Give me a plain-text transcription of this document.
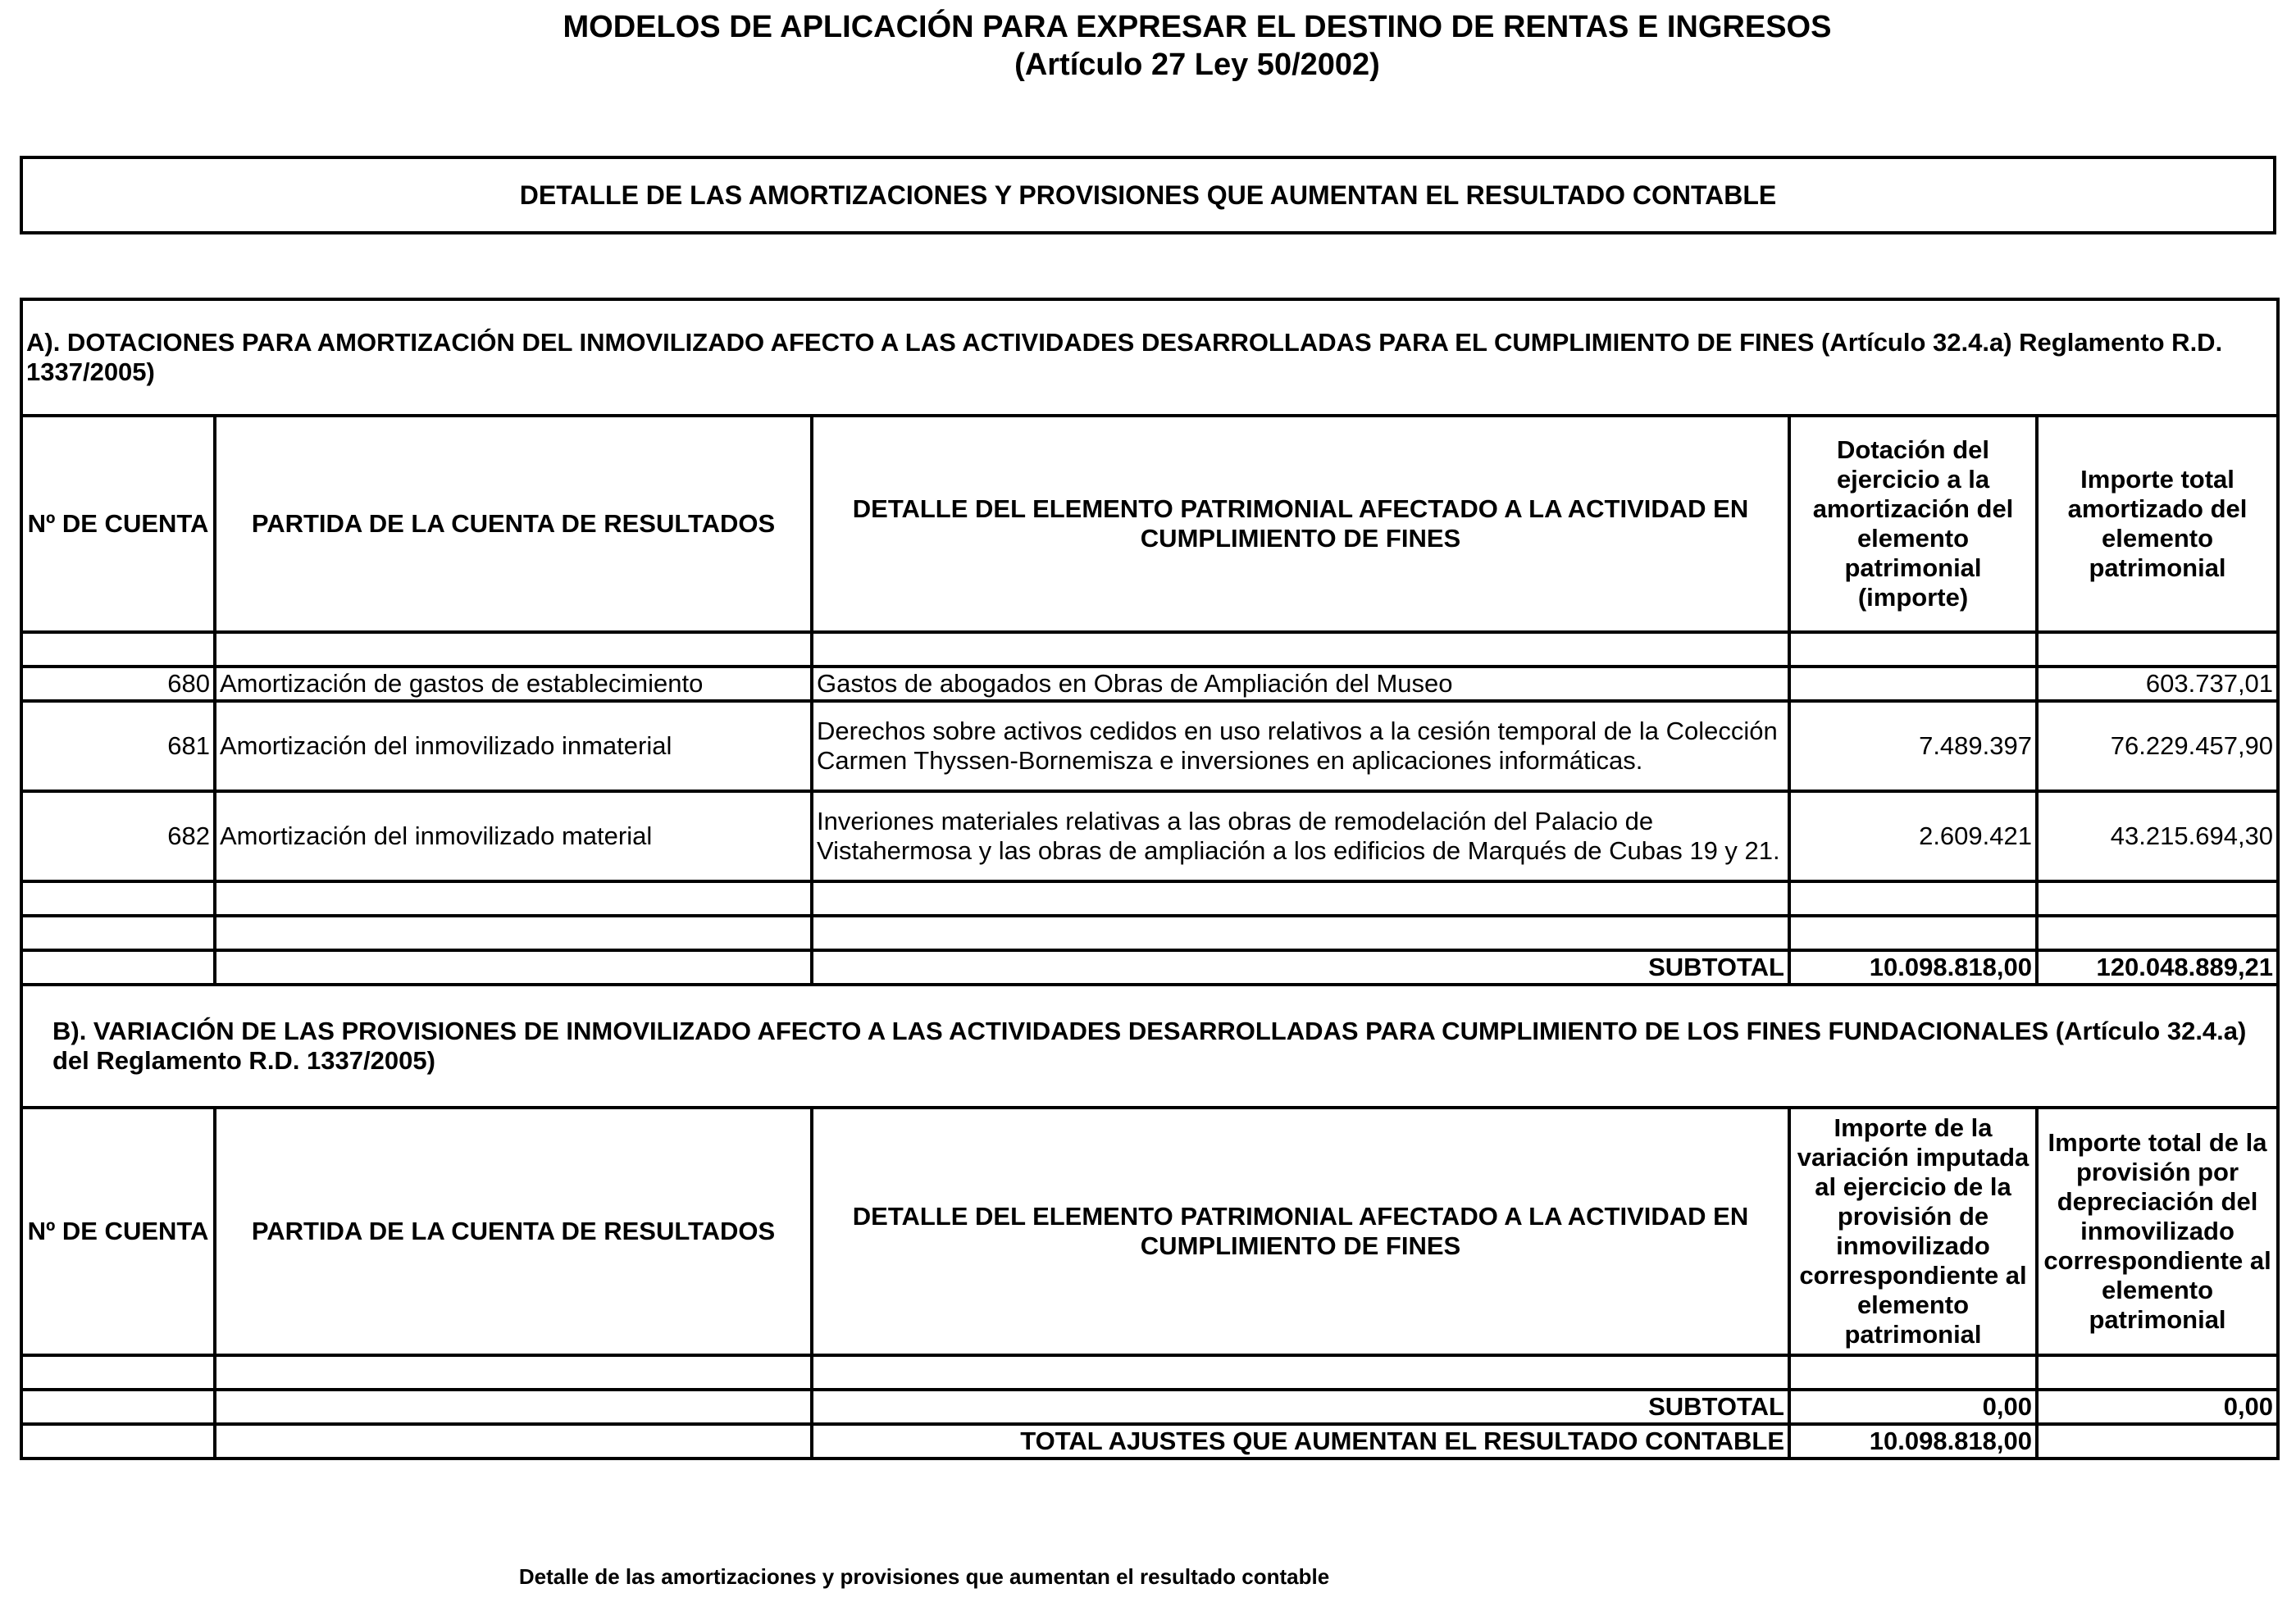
MODELOS DE APLICACIÓN PARA EXPRESAR EL DESTINO DE RENTAS E INGRESOS
(Artículo 27 Ley 50/2002)
DETALLE DE LAS AMORTIZACIONES Y PROVISIONES QUE AUMENTAN EL RESULTADO CONTABLE
A). DOTACIONES PARA AMORTIZACIÓN DEL INMOVILIZADO AFECTO A LAS ACTIVIDADES DESARROLLADAS PARA EL CUMPLIMIENTO DE FINES (Artículo 32.4.a) Reglamento R.D. 1337/2005)				
Nº DE CUENTA	PARTIDA DE LA CUENTA DE RESULTADOS	DETALLE DEL ELEMENTO PATRIMONIAL AFECTADO A LA ACTIVIDAD EN CUMPLIMIENTO DE FINES	Dotación del ejercicio a la amortización del elemento patrimonial (importe)	Importe total amortizado del elemento patrimonial

680	Amortización de gastos de establecimiento	Gastos de abogados en Obras de Ampliación del Museo		603.737,01
681	Amortización del inmovilizado inmaterial	Derechos sobre activos cedidos en uso relativos a la cesión temporal de la Colección Carmen Thyssen-Bornemisza e inversiones en aplicaciones informáticas.	7.489.397	76.229.457,90
682	Amortización del inmovilizado material	Inveriones materiales relativas a las obras de remodelación del Palacio de Vistahermosa y las obras de ampliación a los edificios de Marqués de Cubas 19 y 21.	2.609.421	43.215.694,30

		SUBTOTAL	10.098.818,00	120.048.889,21
B). VARIACIÓN DE LAS PROVISIONES DE INMOVILIZADO AFECTO A LAS ACTIVIDADES DESARROLLADAS PARA CUMPLIMIENTO DE LOS FINES FUNDACIONALES (Artículo 32.4.a) del Reglamento R.D. 1337/2005)				
Nº DE CUENTA	PARTIDA DE LA CUENTA DE RESULTADOS	DETALLE DEL ELEMENTO PATRIMONIAL AFECTADO A LA ACTIVIDAD EN CUMPLIMIENTO DE FINES	Importe de la variación imputada al ejercicio de la provisión de inmovilizado correspondiente al elemento patrimonial	Importe total de la provisión por depreciación del inmovilizado correspondiente al elemento patrimonial

		SUBTOTAL	0,00	0,00
		TOTAL AJUSTES QUE AUMENTAN EL RESULTADO CONTABLE	10.098.818,00	
Detalle de las amortizaciones y provisiones que aumentan el resultado contable
